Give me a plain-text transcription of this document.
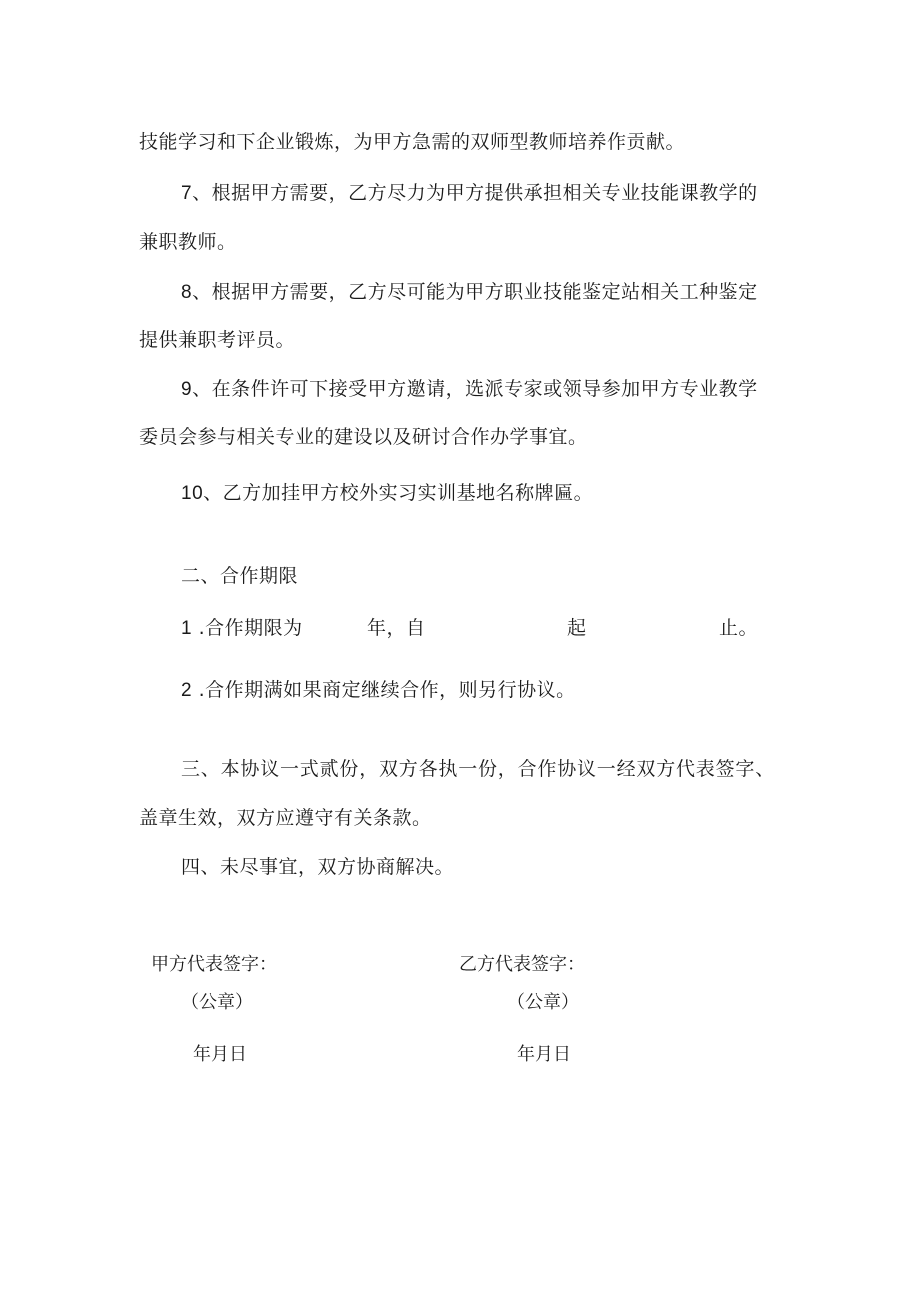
技能学习和下企业锻炼，为甲方急需的双师型教师培养作贡献。
7、根据甲方需要，乙方尽力为甲方提供承担相关专业技能课教学的
兼职教师。
8、根据甲方需要，乙方尽可能为甲方职业技能鉴定站相关工种鉴定
提供兼职考评员。
9、在条件许可下接受甲方邀请，选派专家或领导参加甲方专业教学
委员会参与相关专业的建设以及研讨合作办学事宜。
10、乙方加挂甲方校外实习实训基地名称牌匾。
二、合作期限
1 .合作期限为	年，自	起	止。
2 .合作期满如果商定继续合作，则另行协议。
三、本协议一式贰份，双方各执一份，合作协议一经双方代表签字、
盖章生效，双方应遵守有关条款。
四、未尽事宜，双方协商解决。
甲方代表签字：
（公章）
年月日
乙方代表签字：
（公章）
年月日
